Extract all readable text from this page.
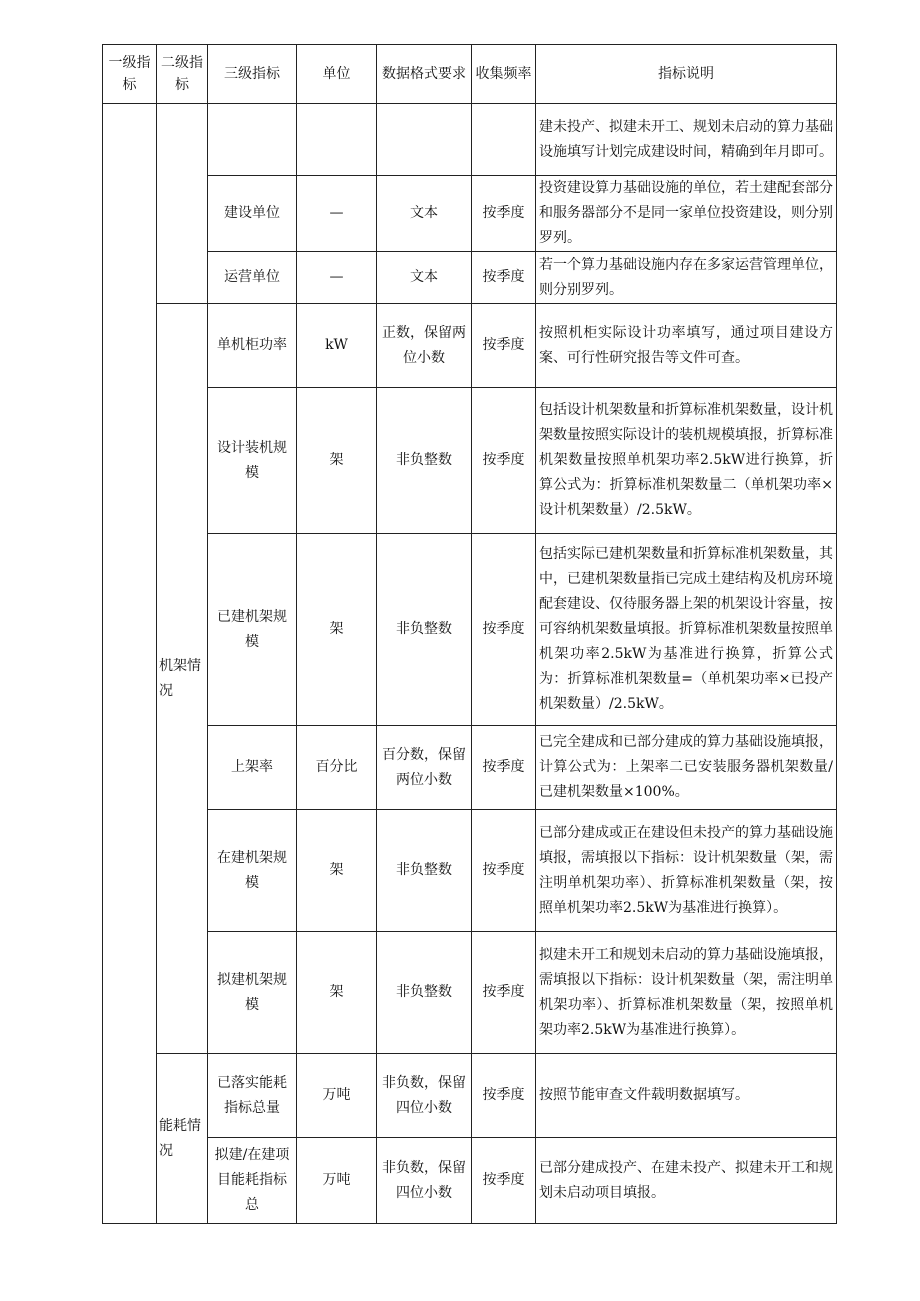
一级指标	二级指标	三级指标	单位	数据格式要求	收集频率	指标说明
						建未投产、拟建未开工、规划未启动的算力基础设施填写计划完成建设时间，精确到年月即可。
		建设单位	—	文本	按季度	投资建设算力基础设施的单位，若土建配套部分和服务器部分不是同一家单位投资建设，则分别罗列。
		运营单位	—	文本	按季度	若一个算力基础设施内存在多家运营管理单位，则分别罗列。
	机架情况	单机柜功率	kW	正数，保留两位小数	按季度	按照机柜实际设计功率填写，通过项目建设方案、可行性研究报告等文件可查。
		设计装机规模	架	非负整数	按季度	包括设计机架数量和折算标准机架数量，设计机架数量按照实际设计的装机规模填报，折算标准机架数量按照单机架功率2.5kW进行换算，折算公式为：折算标准机架数量二（单机架功率×设计机架数量）/2.5kW。
		已建机架规模	架	非负整数	按季度	包括实际已建机架数量和折算标准机架数量，其中，已建机架数量指已完成土建结构及机房环境配套建设、仅待服务器上架的机架设计容量，按可容纳机架数量填报。折算标准机架数量按照单机架功率2.5kW为基准进行换算，折算公式为：折算标准机架数量=（单机架功率×已投产机架数量）/2.5kW。
		上架率	百分比	百分数，保留两位小数	按季度	已完全建成和已部分建成的算力基础设施填报，计算公式为：上架率二已安装服务器机架数量/已建机架数量×100%。
		在建机架规模	架	非负整数	按季度	已部分建成或正在建设但未投产的算力基础设施填报，需填报以下指标：设计机架数量（架，需注明单机架功率）、折算标准机架数量（架，按照单机架功率2.5kW为基准进行换算）。
		拟建机架规模	架	非负整数	按季度	拟建未开工和规划未启动的算力基础设施填报，需填报以下指标：设计机架数量（架，需注明单机架功率）、折算标准机架数量（架，按照单机架功率2.5kW为基准进行换算）。
	能耗情况	已落实能耗指标总量	万吨	非负数，保留四位小数	按季度	按照节能审查文件载明数据填写。
		拟建/在建项目能耗指标总	万吨	非负数，保留四位小数	按季度	已部分建成投产、在建未投产、拟建未开工和规划未启动项目填报。
